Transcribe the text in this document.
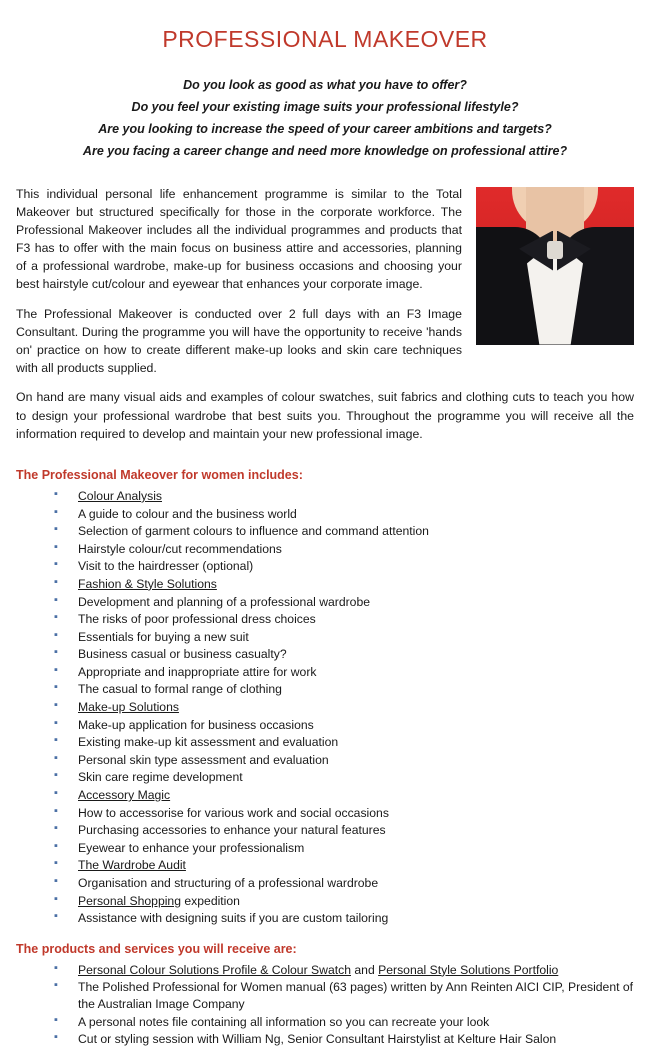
PROFESSIONAL MAKEOVER
Do you look as good as what you have to offer?
Do you feel your existing image suits your professional lifestyle?
Are you looking to increase the speed of your career ambitions and targets?
Are you facing a career change and need more knowledge on professional attire?

This individual personal life enhancement programme is similar to the Total Makeover but structured specifically for those in the corporate workforce. The Professional Makeover includes all the individual programmes and products that F3 has to offer with the main focus on business attire and accessories, planning of a professional wardrobe, make-up for business occasions and choosing your best hairstyle cut/colour and eyewear that enhances your corporate image.

The Professional Makeover is conducted over 2 full days with an F3 Image Consultant. During the programme you will have the opportunity to receive 'hands on' practice on how to create different make-up looks and skin care techniques with all products supplied.

On hand are many visual aids and examples of colour swatches, suit fabrics and clothing cuts to teach you how to design your professional wardrobe that best suits you. Throughout the programme you will receive all the information required to develop and maintain your new professional image.

The Professional Makeover for women includes:
▪ Colour Analysis
▪ A guide to colour and the business world
▪ Selection of garment colours to influence and command attention
▪ Hairstyle colour/cut recommendations
▪ Visit to the hairdresser (optional)
▪ Fashion & Style Solutions
▪ Development and planning of a professional wardrobe
▪ The risks of poor professional dress choices
▪ Essentials for buying a new suit
▪ Business casual or business casualty?
▪ Appropriate and inappropriate attire for work
▪ The casual to formal range of clothing
▪ Make-up Solutions
▪ Make-up application for business occasions
▪ Existing make-up kit assessment and evaluation
▪ Personal skin type assessment and evaluation
▪ Skin care regime development
▪ Accessory Magic
▪ How to accessorise for various work and social occasions
▪ Purchasing accessories to enhance your natural features
▪ Eyewear to enhance your professionalism
▪ The Wardrobe Audit
▪ Organisation and structuring of a professional wardrobe
▪ Personal Shopping expedition
▪ Assistance with designing suits if you are custom tailoring
The products and services you will receive are:
▪ Personal Colour Solutions Profile & Colour Swatch and Personal Style Solutions Portfolio
▪ The Polished Professional for Women manual (63 pages) written by Ann Reinten AICI CIP, President of the Australian Image Company
▪ A personal notes file containing all information so you can recreate your look
▪ Cut or styling session with William Ng, Senior Consultant Hairstylist at Kelture Hair Salon
